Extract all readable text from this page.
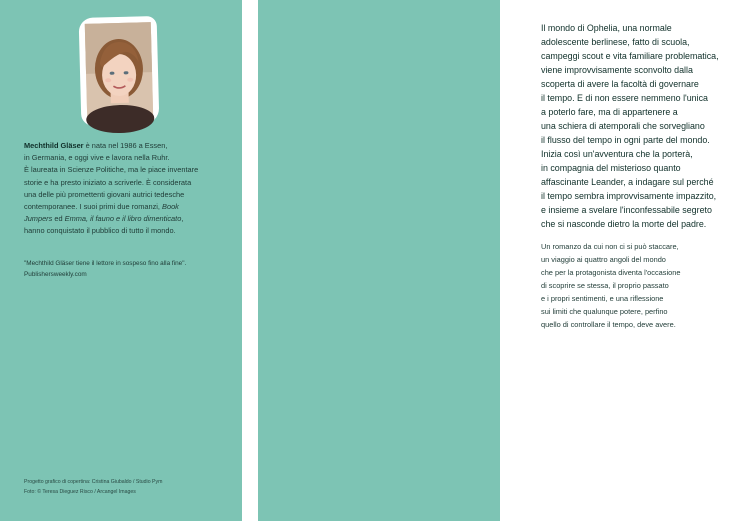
Mechthild Gläser è nata nel 1986 a Essen,

in Germania, e oggi vive e lavora nella Ruhr.

È laureata in Scienze Politiche, ma le piace inventare

storie e ha presto iniziato a scriverle. È considerata

una delle più promettenti giovani autrici tedesche

contemporanee. I suoi primi due romanzi, Book

Jumpers ed Emma, il fauno e il libro dimenticato,

hanno conquistato il pubblico di tutto il mondo.

"Mechthild Gläser tiene il lettore in sospeso fino alla fine".

Publishersweekly.com

Progetto grafico di copertina: Cristina Giubaldo / Studio Pym

Foto: © Teresa Dieguez Risco / Arcangel Images

Il mondo di Ophelia, una normale

adolescente berlinese, fatto di scuola,

campeggi scout e vita familiare problematica,

viene improvvisamente sconvolto dalla

scoperta di avere la facoltà di governare

il tempo. E di non essere nemmeno l'unica

a poterlo fare, ma di appartenere a

una schiera di atemporali che sorvegliano

il flusso del tempo in ogni parte del mondo.

Inizia così un'avventura che la porterà,

in compagnia del misterioso quanto

affascinante Leander, a indagare sul perché

il tempo sembra improvvisamente impazzito,

e insieme a svelare l'inconfessabile segreto

che si nasconde dietro la morte del padre.

Un romanzo da cui non ci si può staccare,

un viaggio ai quattro angoli del mondo

che per la protagonista diventa l'occasione

di scoprire se stessa, il proprio passato

e i propri sentimenti, e una riflessione

sui limiti che qualunque potere, perfino

quello di controllare il tempo, deve avere.
